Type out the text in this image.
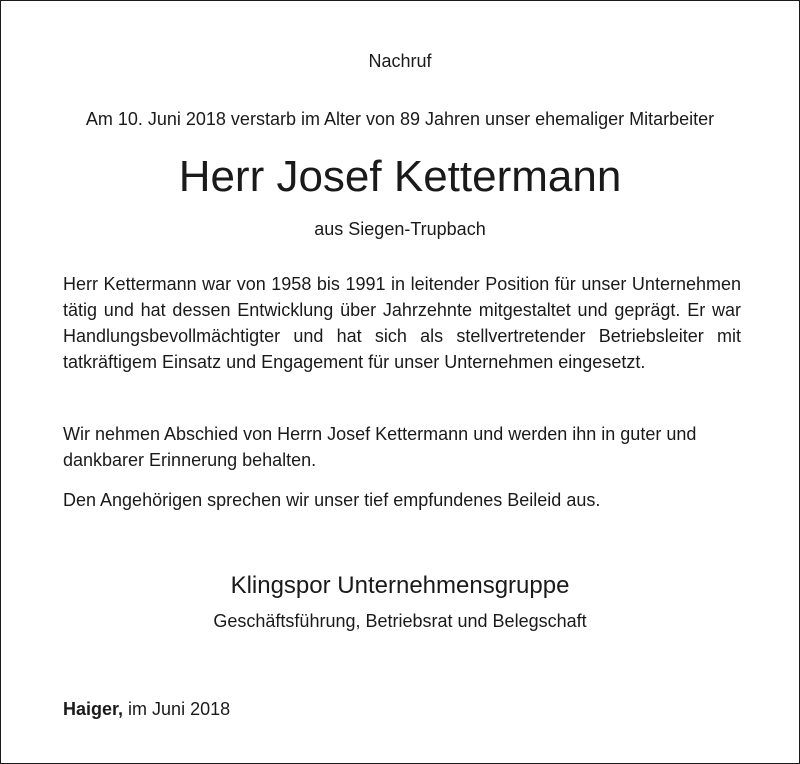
Nachruf
Am 10. Juni 2018 verstarb im Alter von 89 Jahren unser ehemaliger Mitarbeiter
Herr Josef Kettermann
aus Siegen-Trupbach

Herr Kettermann war von 1958 bis 1991 in leitender Position für unser Unternehmen tätig und hat dessen Entwicklung über Jahrzehnte mitgestaltet und geprägt. Er war Handlungsbevollmächtigter und hat sich als stellvertretender Betriebsleiter mit tatkräftigem Einsatz und Engagement für unser Unternehmen eingesetzt.

Wir nehmen Abschied von Herrn Josef Kettermann und werden ihn in guter und dankbarer Erinnerung behalten.

Den Angehörigen sprechen wir unser tief empfundenes Beileid aus.

Klingspor Unternehmensgruppe
Geschäftsführung, Betriebsrat und Belegschaft
Haiger, im Juni 2018
